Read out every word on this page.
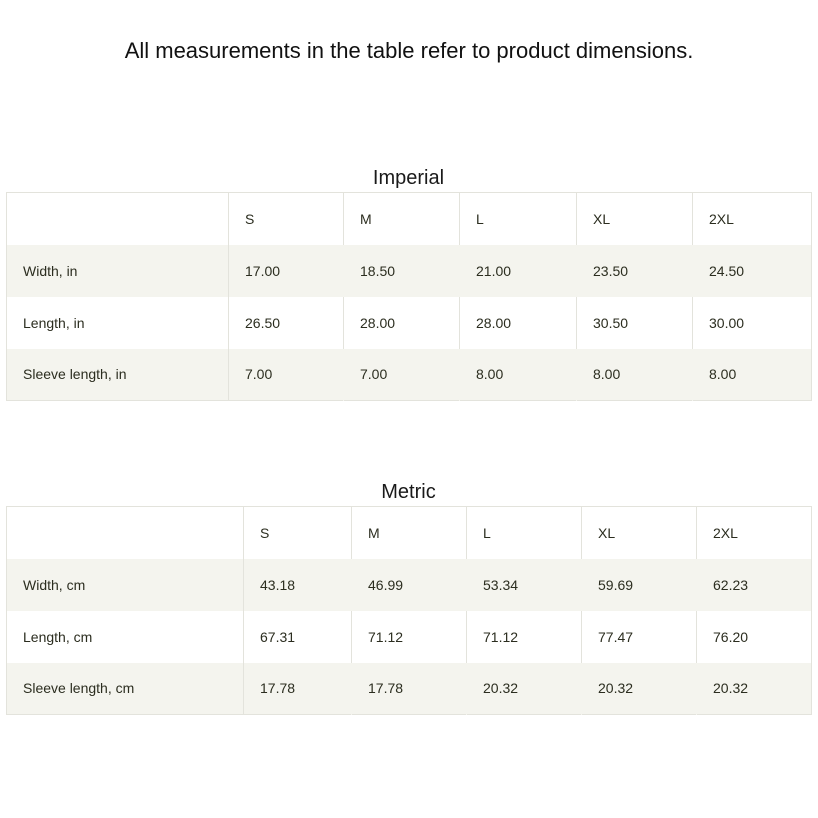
All measurements in the table refer to product dimensions.

Imperial
	S	M	L	XL	2XL
Width, in	17.00	18.50	21.00	23.50	24.50
Length, in	26.50	28.00	28.00	30.50	30.00
Sleeve length, in	7.00	7.00	8.00	8.00	8.00
Metric
	S	M	L	XL	2XL
Width, cm	43.18	46.99	53.34	59.69	62.23
Length, cm	67.31	71.12	71.12	77.47	76.20
Sleeve length, cm	17.78	17.78	20.32	20.32	20.32
